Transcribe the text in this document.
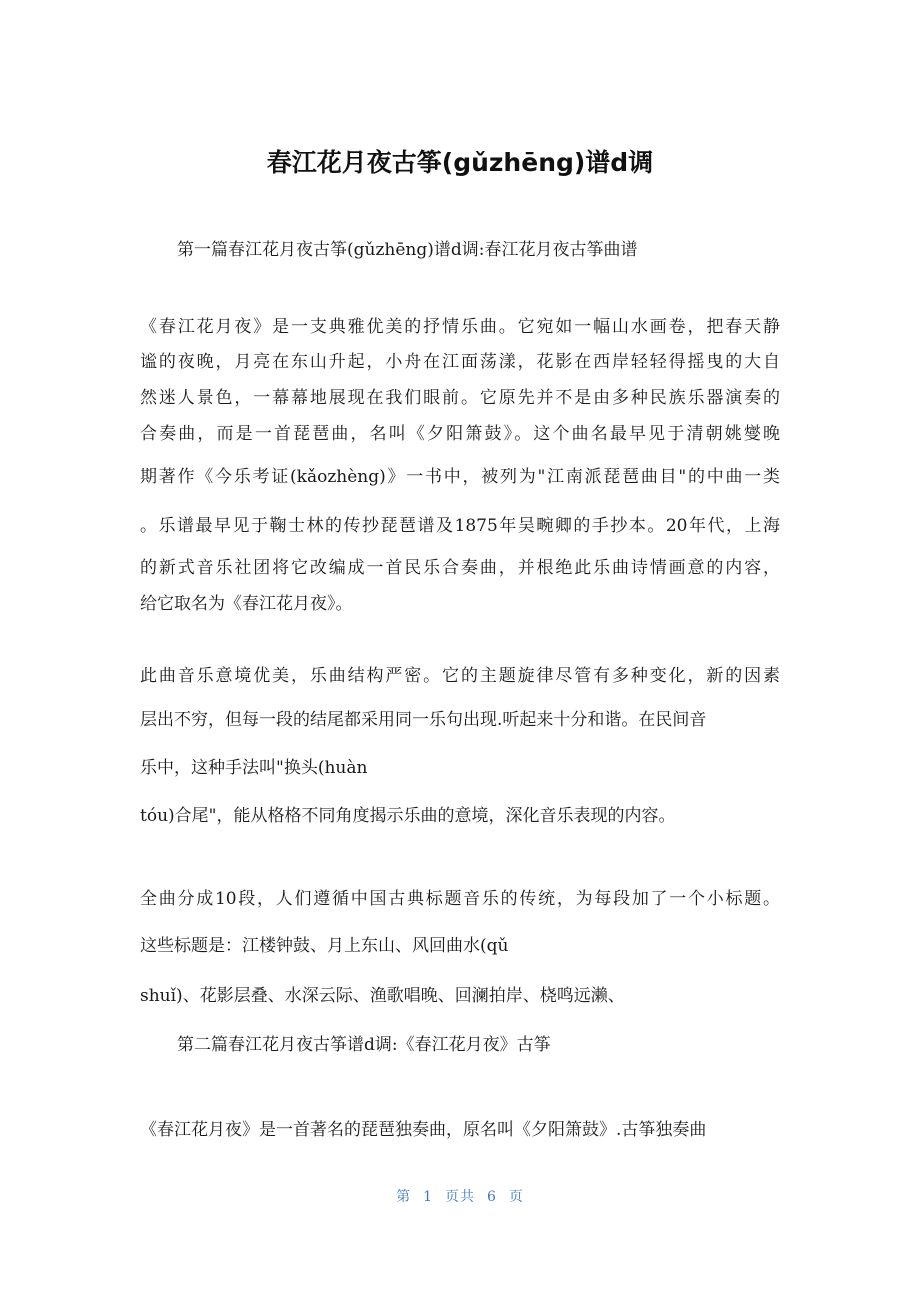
春江花月夜古筝(gǔzhēng)谱d调
第一篇春江花月夜古筝(gǔzhēng)谱d调:春江花月夜古筝曲谱
《春江花月夜》是一支典雅优美的抒情乐曲。它宛如一幅山水画卷，把春天静
谧的夜晚，月亮在东山升起，小舟在江面荡漾，花影在西岸轻轻得摇曳的大自
然迷人景色，一幕幕地展现在我们眼前。它原先并不是由多种民族乐器演奏的
合奏曲，而是一首琵琶曲，名叫《夕阳箫鼓》。这个曲名最早见于清朝姚燮晚
期著作《今乐考证(kǎozhèng)》一书中，被列为"江南派琵琶曲目"的中曲一类
。乐谱最早见于鞠士林的传抄琵琶谱及1875年吴畹卿的手抄本。20年代，上海
的新式音乐社团将它改编成一首民乐合奏曲，并根绝此乐曲诗情画意的内容，
给它取名为《春江花月夜》。
此曲音乐意境优美，乐曲结构严密。它的主题旋律尽管有多种变化，新的因素
层出不穷，但每一段的结尾都采用同一乐句出现.听起来十分和谐。在民间音
乐中，这种手法叫"换头(huàn
tóu)合尾"，能从格格不同角度揭示乐曲的意境，深化音乐表现的内容。
全曲分成10段，人们遵循中国古典标题音乐的传统，为每段加了一个小标题。
这些标题是：江楼钟鼓、月上东山、风回曲水(qǔ
shuǐ)、花影层叠、水深云际、渔歌唱晚、回澜拍岸、桡鸣远濑、
第二篇春江花月夜古筝谱d调:《春江花月夜》古筝
《春江花月夜》是一首著名的琵琶独奏曲，原名叫《夕阳箫鼓》.古筝独奏曲
第 1 页共 6 页
